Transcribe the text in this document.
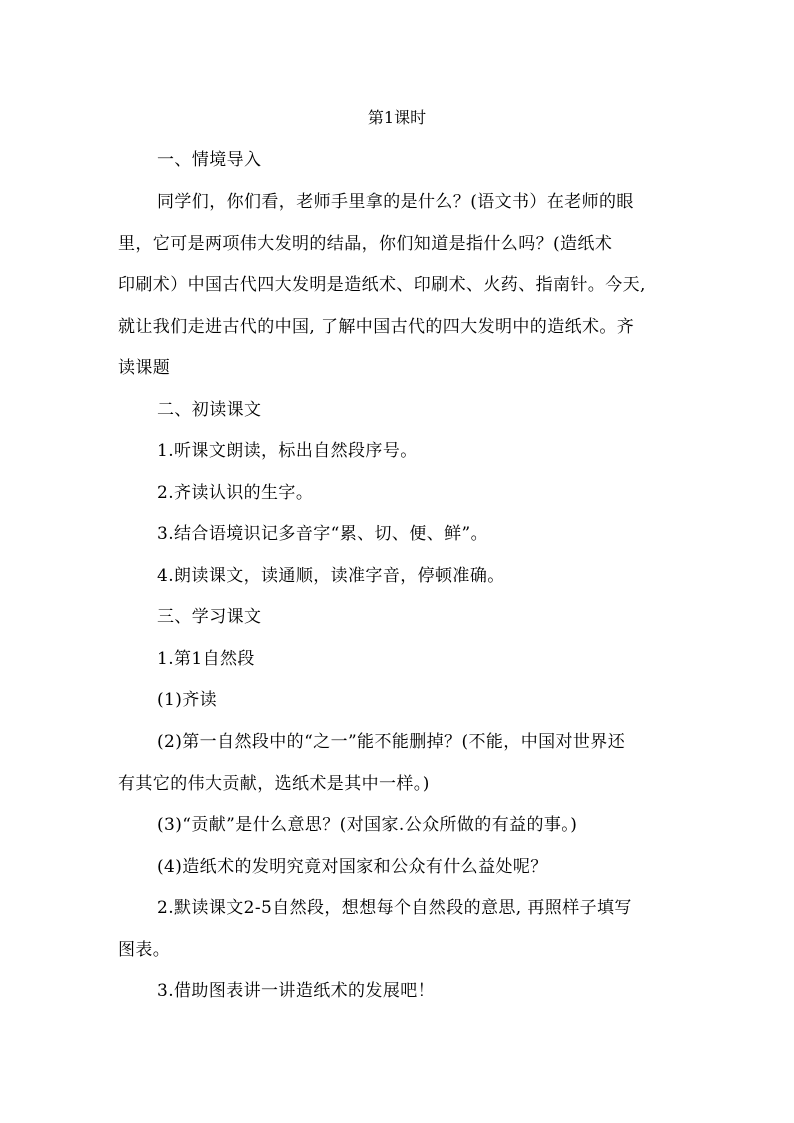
第1课时
一、情境导入
同学们，你们看，老师手里拿的是什么？(语文书）在老师的眼
里，它可是两项伟大发明的结晶，你们知道是指什么吗？(造纸术
印刷术）中国古代四大发明是造纸术、印刷术、火药、指南针。今天,
就让我们走进古代的中国, 了解中国古代的四大发明中的造纸术。齐
读课题
二、初读课文
1.听课文朗读，标出自然段序号。
2.齐读认识的生字。
3.结合语境识记多音字“累、切、便、鲜”。
4.朗读课文，读通顺，读准字音，停顿准确。
三、学习课文
1.第1自然段
(1)齐读
(2)第一自然段中的“之一”能不能删掉？(不能，中国对世界还
有其它的伟大贡献，选纸术是其中一样。)
(3)“贡献”是什么意思？(对国家.公众所做的有益的事。)
(4)造纸术的发明究竟对国家和公众有什么益处呢？
2.默读课文2-5自然段，想想每个自然段的意思, 再照样子填写
图表。
3.借助图表讲一讲造纸术的发展吧！
